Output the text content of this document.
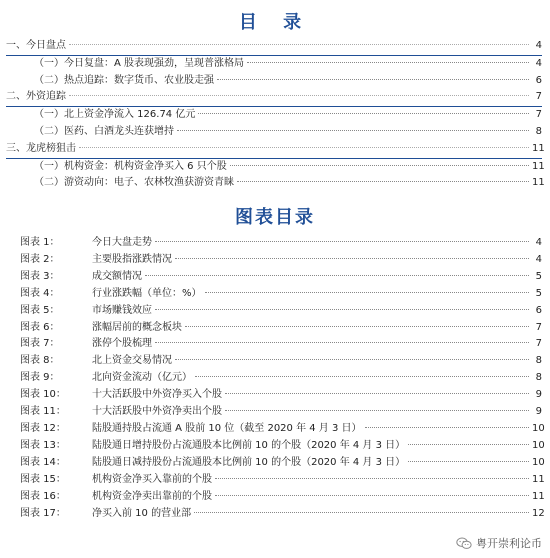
目 录
一、今日盘点	4
（一）今日复盘：A 股表现强劲，呈现普涨格局	4
（二）热点追踪：数字货币、农业股走强	6
二、外资追踪	7
（一）北上资金净流入 126.74 亿元	7
（二）医药、白酒龙头连获增持	8
三、龙虎榜狙击	11
（一）机构资金：机构资金净买入 6 只个股	11
（二）游资动向：电子、农林牧渔获游资青睐	11
图表目录
图表 1：	今日大盘走势	4
图表 2：	主要股指涨跌情况	4
图表 3：	成交额情况	5
图表 4：	行业涨跌幅（单位：%）	5
图表 5：	市场赚钱效应	6
图表 6：	涨幅居前的概念板块	7
图表 7：	涨停个股梳理	7
图表 8：	北上资金交易情况	8
图表 9：	北向资金流动（亿元）	8
图表 10：	十大活跃股中外资净买入个股	9
图表 11：	十大活跃股中外资净卖出个股	9
图表 12：	陆股通持股占流通 A 股前 10 位（截至 2020 年 4 月 3 日）	10
图表 13：	陆股通日增持股份占流通股本比例前 10 的个股（2020 年 4 月 3 日）	10
图表 14：	陆股通日减持股份占流通股本比例前 10 的个股（2020 年 4 月 3 日）	10
图表 15：	机构资金净买入靠前的个股	11
图表 16：	机构资金净卖出靠前的个股	11
图表 17：	净买入前 10 的营业部	12
粤开崇利论币
